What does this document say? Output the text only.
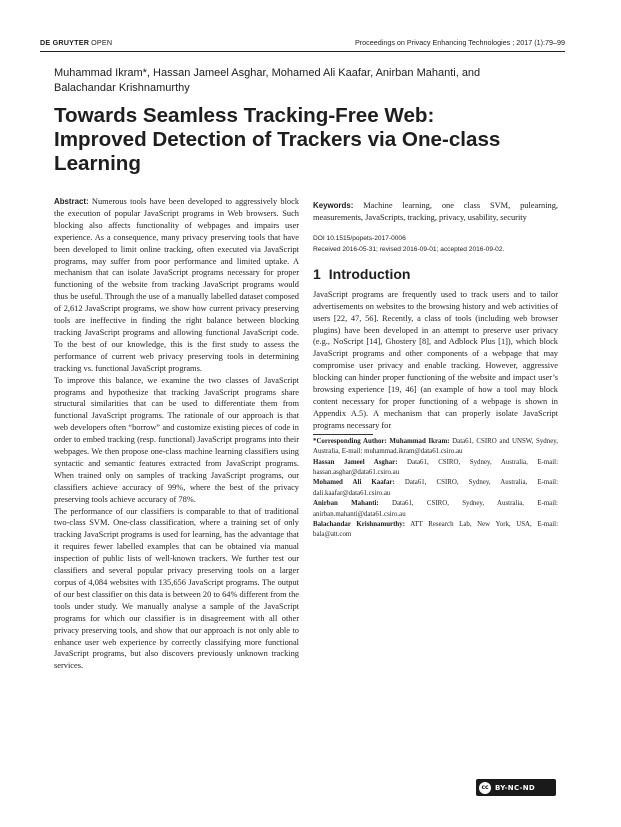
DE GRUYTER OPEN	Proceedings on Privacy Enhancing Technologies ; 2017 (1):79–99
Muhammad Ikram*, Hassan Jameel Asghar, Mohamed Ali Kaafar, Anirban Mahanti, and
Balachandar Krishnamurthy
Towards Seamless Tracking-Free Web:
Improved Detection of Trackers via One-class
Learning

Abstract: Numerous tools have been developed to aggressively block the execution of popular JavaScript programs in Web browsers. Such blocking also affects functionality of webpages and impairs user experience. As a consequence, many privacy preserving tools that have been developed to limit online tracking, often executed via JavaScript programs, may suffer from poor performance and limited uptake. A mechanism that can isolate JavaScript programs necessary for proper functioning of the website from tracking JavaScript programs would thus be useful. Through the use of a manually labelled dataset composed of 2,612 JavaScript programs, we show how current privacy preserving tools are ineffective in finding the right balance between blocking tracking JavaScript programs and allowing functional JavaScript code. To the best of our knowledge, this is the first study to assess the performance of current web privacy preserving tools in determining tracking vs. functional JavaScript programs.

To improve this balance, we examine the two classes of JavaScript programs and hypothesize that tracking JavaScript programs share structural similarities that can be used to differentiate them from functional JavaScript programs. The rationale of our approach is that web developers often “borrow” and customize existing pieces of code in order to embed tracking (resp. functional) JavaScript programs into their webpages. We then propose one-class machine learning classifiers using syntactic and semantic features extracted from JavaScript programs. When trained only on samples of tracking JavaScript programs, our classifiers achieve accuracy of 99%, where the best of the privacy preserving tools achieve accuracy of 78%.

The performance of our classifiers is comparable to that of traditional two-class SVM. One-class classification, where a training set of only tracking JavaScript programs is used for learning, has the advantage that it requires fewer labelled examples that can be obtained via manual inspection of public lists of well-known trackers. We further test our classifiers and several popular privacy preserving tools on a larger corpus of 4,084 websites with 135,656 JavaScript programs. The output of our best classifier on this data is between 20 to 64% different from the tools under study. We manually analyse a sample of the JavaScript programs for which our classifier is in disagreement with all other privacy preserving tools, and show that our approach is not only able to enhance user web experience by correctly classifying more functional JavaScript programs, but also discovers previously unknown tracking services.

Keywords: Machine learning, one class SVM, pulearning, measurements, JavaScripts, tracking, privacy, usability, security

DOI 10.1515/popets-2017-0006

Received 2016-05-31; revised 2016-09-01; accepted 2016-09-02.

1 Introduction

JavaScript programs are frequently used to track users and to tailor advertisements on websites to the browsing history and web activities of users [22, 47, 56]. Recently, a class of tools (including web browser plugins) have been developed in an attempt to preserve user privacy (e.g., NoScript [14], Ghostery [8], and Adblock Plus [1]), which block JavaScript programs and other components of a webpage that may compromise user privacy and enable tracking. However, aggressive blocking can hinder proper functioning of the website and impact user’s browsing experience [19, 46] (an example of how a tool may block content necessary for proper functioning of a webpage is shown in Appendix A.5). A mechanism that can properly isolate JavaScript programs necessary for

*Corresponding Author: Muhammad Ikram: Data61, CSIRO and UNSW, Sydney, Australia, E-mail: muhammad.ikram@data61.csiro.au

Hassan Jameel Asghar: Data61, CSIRO, Sydney, Australia, E-mail: hassan.asghar@data61.csiro.au

Mohamed Ali Kaafar: Data61, CSIRO, Sydney, Australia, E-mail: dali.kaafar@data61.csiro.au

Anirban Mahanti: Data61, CSIRO, Sydney, Australia, E-mail: anirban.mahanti@data61.csiro.au

Balachandar Krishnamurthy: ATT Research Lab, New York, USA, E-mail: bala@att.com

cc BY-NC-ND
